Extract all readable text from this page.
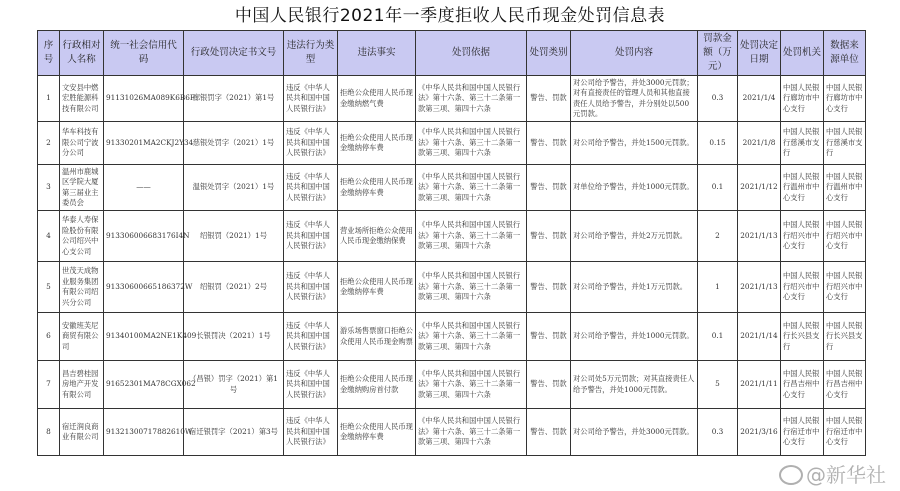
中国人民银行2021年一季度拒收人民币现金处罚信息表
序号	行政相对人名称	统一社会信用代码	行政处罚决定书文号	违法行为类型	违法事实	处罚依据	处罚类别	处罚内容	罚款金额（万元）	处罚决定日期	处罚机关	数据来源单位
1	文安县中燃宏胜能源科技有限公司	91131026MA089K6B6F	廊银罚字（2021）第1号	违反《中华人民共和国中国人民银行法》	拒绝公众使用人民币现金缴纳燃气费	《中华人民共和国中国人民银行法》第十六条、第三十二条第一款第三项、第四十六条	警告、罚款	对公司给予警告，并处3000元罚款；对有直接责任的管理人员和其他直接责任人员给予警告，并分别处以500元罚款。	0.3	2021/1/4	中国人民银行廊坊市中心支行	中国人民银行廊坊市中心支行
2	华车科技有限公司宁波分公司	91330201MA2CKJ2Y34	慈银处罚字（2021）1号	违反《中华人民共和国中国人民银行法》	拒绝公众使用人民币现金缴纳停车费	《中华人民共和国中国人民银行法》第十六条、第三十二条第一款第三项、第四十六条	警告、罚款	对公司给予警告，并处1500元罚款。	0.15	2021/1/8	中国人民银行慈溪市支行	中国人民银行慈溪市支行
3	温州市鹿城区学院大厦第三届业主委员会	——	温银处罚字（2021）1号	违反《中华人民共和国中国人民银行法》	拒绝公众使用人民币现金缴纳停车费	《中华人民共和国中国人民银行法》第十六条、第三十二条第一款第三项、第四十六条	警告、罚款	对单位给予警告，并处1000元罚款。	0.1	2021/1/12	中国人民银行温州市中心支行	中国人民银行温州市中心支行
4	华泰人寿保险股份有限公司绍兴中心支公司	913306006683176I4N	绍银罚（2021）1号	违反《中华人民共和国中国人民银行法》	营业场所拒绝公众使用人民币现金缴纳保费	《中华人民共和国中国人民银行法》第十六条、第三十二条第一款第三项、第四十六条	警告、罚款	对公司给予警告，并处2万元罚款。	2	2021/1/13	中国人民银行绍兴市中心支行	中国人民银行绍兴市中心支行
5	世茂天成物业服务集团有限公司绍兴分公司	91330600665186372W	绍银罚（2021）2号	违反《中华人民共和国中国人民银行法》	拒绝公众使用人民币现金缴纳停车费	《中华人民共和国中国人民银行法》第十六条、第三十二条第一款第三项、第四十六条	警告、罚款	对公司给予警告，并处1万元罚款。	1	2021/1/13	中国人民银行绍兴市中心支行	中国人民银行绍兴市中心支行
6	安徽班芙尼商贸有限公司	91340100MA2NE1K409	长银罚决（2021）1号	违反《中华人民共和国中国人民银行法》	游乐场售票窗口拒绝公众使用人民币现金购票	《中华人民共和国中国人民银行法》第十六条、第三十二条第一款第三项、第四十六条	警告、罚款	对公司给予警告，并处1000元罚款。	0.1	2021/1/14	中国人民银行长兴县支行	中国人民银行长兴县支行
7	昌吉碧桂园房地产开发有限公司	91652301MA78CGX062	（昌银）罚字（2021）第1号	违反《中华人民共和国中国人民银行法》	拒绝公众使用人民币现金缴纳购房首付款	《中华人民共和国中国人民银行法》第十六条、第三十二条第一款第三项、第四十六条	警告、罚款	对公司处5万元罚款；对其直接责任人给予警告，并处1000元罚款。	5	2021/1/11	中国人民银行昌吉州中心支行	中国人民银行昌吉州中心支行
8	宿迁润良商业有限公司	91321300717882610W	宿迁银罚字（2021）第3号	违反《中华人民共和国中国人民银行法》	拒绝公众使用人民币现金缴纳停车费	《中华人民共和国中国人民银行法》第十六条、第三十二条第一款第三项、第四十六条	警告、罚款	对公司给予警告，并处3000元罚款。	0.3	2021/3/16	中国人民银行宿迁市中心支行	中国人民银行宿迁市中心支行
@新华社
